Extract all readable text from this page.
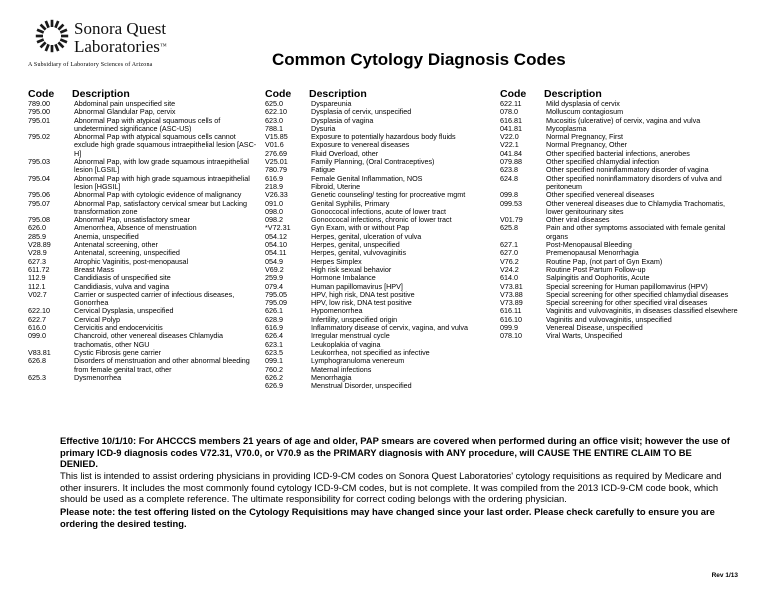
Sonora Quest
Laboratories™
A Subsidiary of Laboratory Sciences of Arizona	Common Cytology Diagnosis Codes
Code	Description
789.00	Abdominal pain unspecified site
795.00	Abnormal Glandular Pap, cervix
795.01	Abnormal Pap with atypical squamous cells of undetermined significance (ASC-US)
795.02	Abnormal Pap with atypical squamous cells cannot exclude high grade squamous intraepithelial lesion [ASC-H]
795.03	Abnormal Pap, with low grade squamous intraepithelial lesion [LGSIL]
795.04	Abnormal Pap with high grade squamous intraepithelial lesion [HGSIL]
795.06	Abnormal Pap with cytologic evidence of malignancy
795.07	Abnormal Pap, satisfactory cervical smear but Lacking transformation zone
795.08	Abnormal Pap, unsatisfactory smear
626.0	Amenorrhea, Absence of menstruation
285.9	Anemia, unspecified
V28.89	Antenatal screening, other
V28.9	Antenatal, screening, unspecified
627.3	Atrophic Vaginitis, post-menopausal
611.72	Breast Mass
112.9	Candidiasis of unspecified site
112.1	Candidiasis, vulva and vagina
V02.7	Carrier or suspected carrier of infectious diseases, Gonorrhea
622.10	Cervical Dysplasia, unspecified
622.7	Cervical Polyp
616.0	Cervicitis and endocervicitis
099.0	Chancroid, other venereal diseases Chlamydia trachomatis, other NGU
V83.81	Cystic Fibrosis gene carrier
626.8	Disorders of menstruation and other abnormal bleeding from female genital tract, other
625.3	Dysmenorrhea
Code	Description
625.0	Dyspareunia
622.10	Dysplasia of cervix, unspecified
623.0	Dysplasia of vagina
788.1	Dysuria
V15.85	Exposure to potentially hazardous body fluids
V01.6	Exposure to venereal diseases
276.69	Fluid Overload, other
V25.01	Family Planning, (Oral Contraceptives)
780.79	Fatigue
616.9	Female Genital Inflammation, NOS
218.9	Fibroid, Uterine
V26.33	Genetic counseling/ testing for procreative mgmt
091.0	Genital Syphilis, Primary
098.0	Gonoccocal infections, acute of lower tract
098.2	Gonoccocal infections, chronic of lower tract
*V72.31	Gyn Exam, with or without Pap
054.12	Herpes, genital, ulceration of vulva
054.10	Herpes, genital, unspecified
054.11	Herpes, genital, vulvovaginitis
054.9	Herpes Simplex
V69.2	High risk sexual behavior
259.9	Hormone Imbalance
079.4	Human papillomavirus [HPV]
795.05	HPV, high risk, DNA test positive
795.09	HPV, low risk, DNA test positive
626.1	Hypomenorrhea
628.9	Infertility, unspecified origin
616.9	Inflammatory disease of cervix, vagina, and vulva
626.4	Irregular menstrual cycle
623.1	Leukoplakia of vagina
623.5	Leukorrhea, not specified as infective
099.1	Lymphogranuloma venereum
760.2	Maternal infections
626.2	Menorrhagia
626.9	Menstrual Disorder, unspecified
Code	Description
622.11	Mild dysplasia of cervix
078.0	Molluscum contagiosum
616.81	Mucositis (ulcerative) of cervix, vagina and vulva
041.81	Mycoplasma
V22.0	Normal Pregnancy, First
V22.1	Normal Pregnancy, Other
041.84	Other specified bacterial infections, anerobes
079.88	Other specified chlamydial infection
623.8	Other specified noninflammatory disorder of vagina
624.8	Other specified noninflammatory disorders of vulva and peritoneum
099.8	Other specified venereal diseases
099.53	Other venereal diseases due to Chlamydia Trachomatis, lower genitourinary sites
V01.79	Other viral diseases
625.8	Pain and other symptoms associated with female genital organs
627.1	Post-Menopausal Bleeding
627.0	Premenopausal Menorrhagia
V76.2	Routine Pap, (not part of Gyn Exam)
V24.2	Routine Post Partum Follow-up
614.0	Salpingitis and Oophoritis, Acute
V73.81	Special screening for Human papillomavirus (HPV)
V73.88	Special screening for other specified chlamydial diseases
V73.89	Special screening for other specified viral diseases
616.11	Vaginitis and vulvovaginitis, in diseases classified elsewhere
616.10	Vaginitis and vulvovaginitis, unspecified
099.9	Venereal Disease, unspecified
078.10	Viral Warts, Unspecified
Effective 10/1/10: For AHCCCS members 21 years of age and older, PAP smears are covered when performed during an office visit; however the use of primary ICD-9 diagnosis codes V72.31, V70.0, or V70.9 as the PRIMARY diagnosis with ANY procedure, will CAUSE THE ENTIRE CLAIM TO BE DENIED.
This list is intended to assist ordering physicians in providing ICD-9-CM codes on Sonora Quest Laboratories' cytology requisitions as required by Medicare and other insurers. It includes the most commonly found cytology ICD-9-CM codes, but is not complete. It was compiled from the 2013 ICD-9-CM code book, which should be used as a complete reference. The ultimate responsibility for correct coding belongs with the ordering physician.
Please note: the test offering listed on the Cytology Requisitions may have changed since your last order. Please check carefully to ensure you are ordering the desired testing.
Rev 1/13
